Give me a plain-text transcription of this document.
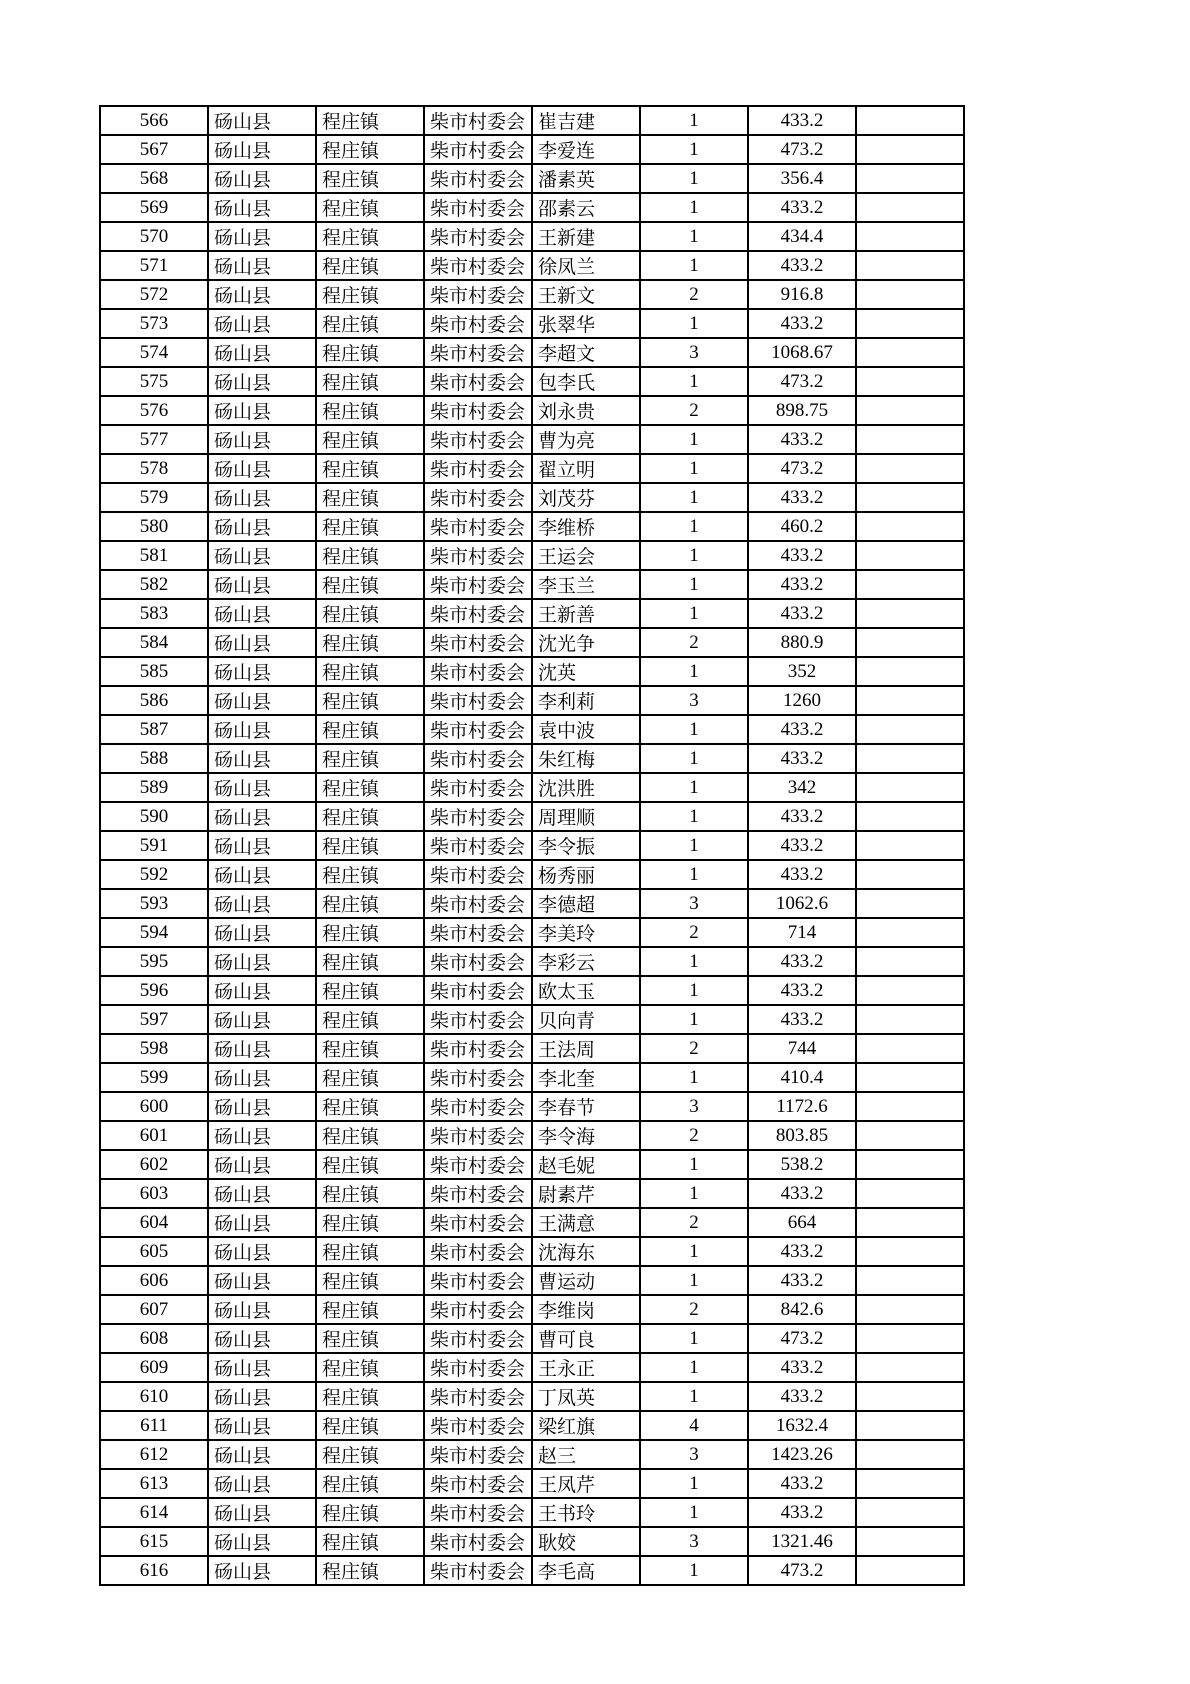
566	砀山县	程庄镇	柴市村委会	崔吉建	1	433.2	
567	砀山县	程庄镇	柴市村委会	李爱连	1	473.2	
568	砀山县	程庄镇	柴市村委会	潘素英	1	356.4	
569	砀山县	程庄镇	柴市村委会	邵素云	1	433.2	
570	砀山县	程庄镇	柴市村委会	王新建	1	434.4	
571	砀山县	程庄镇	柴市村委会	徐凤兰	1	433.2	
572	砀山县	程庄镇	柴市村委会	王新文	2	916.8	
573	砀山县	程庄镇	柴市村委会	张翠华	1	433.2	
574	砀山县	程庄镇	柴市村委会	李超文	3	1068.67	
575	砀山县	程庄镇	柴市村委会	包李氏	1	473.2	
576	砀山县	程庄镇	柴市村委会	刘永贵	2	898.75	
577	砀山县	程庄镇	柴市村委会	曹为亮	1	433.2	
578	砀山县	程庄镇	柴市村委会	翟立明	1	473.2	
579	砀山县	程庄镇	柴市村委会	刘茂芬	1	433.2	
580	砀山县	程庄镇	柴市村委会	李维桥	1	460.2	
581	砀山县	程庄镇	柴市村委会	王运会	1	433.2	
582	砀山县	程庄镇	柴市村委会	李玉兰	1	433.2	
583	砀山县	程庄镇	柴市村委会	王新善	1	433.2	
584	砀山县	程庄镇	柴市村委会	沈光争	2	880.9	
585	砀山县	程庄镇	柴市村委会	沈英	1	352	
586	砀山县	程庄镇	柴市村委会	李利莉	3	1260	
587	砀山县	程庄镇	柴市村委会	袁中波	1	433.2	
588	砀山县	程庄镇	柴市村委会	朱红梅	1	433.2	
589	砀山县	程庄镇	柴市村委会	沈洪胜	1	342	
590	砀山县	程庄镇	柴市村委会	周理顺	1	433.2	
591	砀山县	程庄镇	柴市村委会	李令振	1	433.2	
592	砀山县	程庄镇	柴市村委会	杨秀丽	1	433.2	
593	砀山县	程庄镇	柴市村委会	李德超	3	1062.6	
594	砀山县	程庄镇	柴市村委会	李美玲	2	714	
595	砀山县	程庄镇	柴市村委会	李彩云	1	433.2	
596	砀山县	程庄镇	柴市村委会	欧太玉	1	433.2	
597	砀山县	程庄镇	柴市村委会	贝向青	1	433.2	
598	砀山县	程庄镇	柴市村委会	王法周	2	744	
599	砀山县	程庄镇	柴市村委会	李北奎	1	410.4	
600	砀山县	程庄镇	柴市村委会	李春节	3	1172.6	
601	砀山县	程庄镇	柴市村委会	李令海	2	803.85	
602	砀山县	程庄镇	柴市村委会	赵毛妮	1	538.2	
603	砀山县	程庄镇	柴市村委会	尉素芹	1	433.2	
604	砀山县	程庄镇	柴市村委会	王满意	2	664	
605	砀山县	程庄镇	柴市村委会	沈海东	1	433.2	
606	砀山县	程庄镇	柴市村委会	曹运动	1	433.2	
607	砀山县	程庄镇	柴市村委会	李维岗	2	842.6	
608	砀山县	程庄镇	柴市村委会	曹可良	1	473.2	
609	砀山县	程庄镇	柴市村委会	王永正	1	433.2	
610	砀山县	程庄镇	柴市村委会	丁凤英	1	433.2	
611	砀山县	程庄镇	柴市村委会	梁红旗	4	1632.4	
612	砀山县	程庄镇	柴市村委会	赵三	3	1423.26	
613	砀山县	程庄镇	柴市村委会	王凤芹	1	433.2	
614	砀山县	程庄镇	柴市村委会	王书玲	1	433.2	
615	砀山县	程庄镇	柴市村委会	耿姣	3	1321.46	
616	砀山县	程庄镇	柴市村委会	李毛高	1	473.2	
